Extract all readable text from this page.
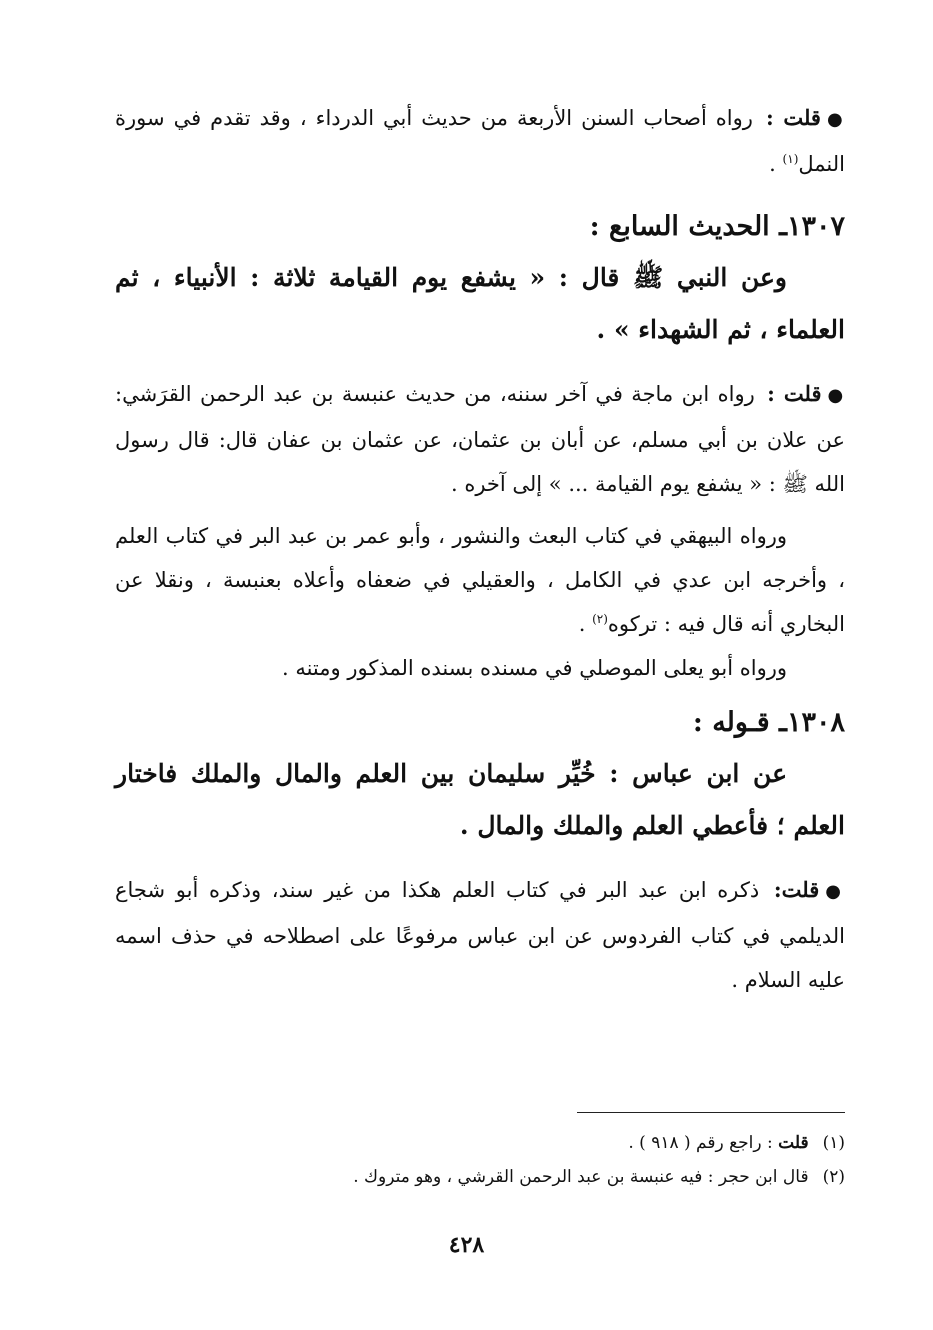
●قلت : رواه أصحاب السنن الأربعة من حديث أبي الدرداء ، وقد تقدم في سورة النمل$^{(١)}$ .

١٣٠٧ـ الحديث السابع :

وعن النبي ﷺ قال : « يشفع يوم القيامة ثلاثة : الأنبياء ، ثم العلماء ، ثم الشهداء » .

●قلت : رواه ابن ماجة في آخر سننه، من حديث عنبسة بن عبد الرحمن القرَشي: عن علان بن أبي مسلم، عن أبان بن عثمان، عن عثمان بن عفان قال: قال رسول الله ﷺ : « يشفع يوم القيامة ... » إلى آخره .

ورواه البيهقي في كتاب البعث والنشور ، وأبو عمر بن عبد البر في كتاب العلم ، وأخرجه ابن عدي في الكامل ، والعقيلي في ضعفاه وأعلاه بعنبسة ، ونقلا عن البخاري أنه قال فيه : تركوه$^{(٢)}$ .

ورواه أبو يعلى الموصلي في مسنده بسنده المذكور ومتنه .

١٣٠٨ـ قـوله :

عن ابن عباس : خُيِّر سليمان بين العلم والمال والملك فاختار العلم ؛ فأعطي العلم والملك والمال .

●قلت: ذكره ابن عبد البر في كتاب العلم هكذا من غير سند، وذكره أبو شجاع الديلمي في كتاب الفردوس عن ابن عباس مرفوعًا على اصطلاحه في حذف اسمه عليه السلام .

(١)قلت : راجع رقم ( ٩١٨ ) .
(٢)قال ابن حجر : فيه عنبسة بن عبد الرحمن القرشي ، وهو متروك .
٤٢٨
